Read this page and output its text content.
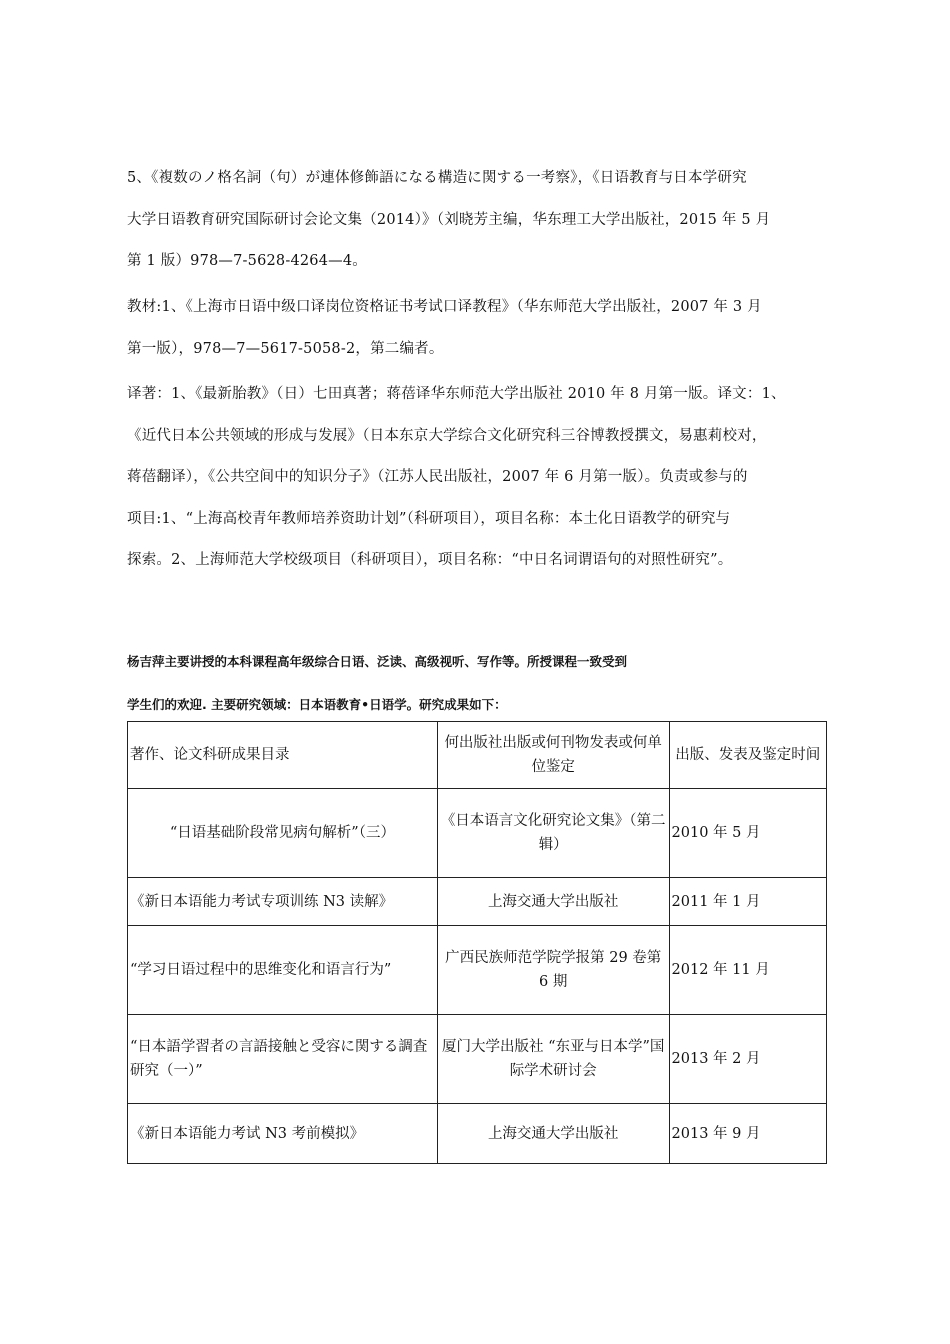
5、《複数のノ格名詞（句）が連体修飾語になる構造に関する一考察》，《日语教育与日本学研究
大学日语教育研究国际研讨会论文集（2014）》（刘晓芳主编，华东理工大学出版社，2015 年 5 月
第 1 版）978—7-5628-4264—4。
教材:1、《上海市日语中级口译岗位资格证书考试口译教程》（华东师范大学出版社，2007 年 3 月
第一版），978—7—5617-5058-2，第二编者。
译著：1、《最新胎教》（日）七田真著；蒋蓓译华东师范大学出版社 2010 年 8 月第一版。译文：1、
《近代日本公共领域的形成与发展》（日本东京大学综合文化研究科三谷博教授撰文，易惠莉校对，
蒋蓓翻译），《公共空间中的知识分子》（江苏人民出版社，2007 年 6 月第一版）。负责或参与的
项目:1、“上海高校青年教师培养资助计划”（科研项目），项目名称：本土化日语教学的研究与
探索。2、上海师范大学校级项目（科研项目），项目名称：“中日名词谓语句的对照性研究”。
杨吉萍主要讲授的本科课程高年级综合日语、泛读、高级视听、写作等。所授课程一致受到
学生们的欢迎. 主要研究领域：日本语教育•日语学。研究成果如下：
著作、论文科研成果目录	何出版社出版或何刊物发表或何单位鉴定	出版、发表及鉴定时间
“日语基础阶段常见病句解析”（三）	《日本语言文化研究论文集》（第二辑）	2010 年 5 月
《新日本语能力考试专项训练 N3 读解》	上海交通大学出版社	2011 年 1 月
“学习日语过程中的思维变化和语言行为”	广西民族师范学院学报第 29 卷第 6 期	2012 年 11 月
“日本語学習者の言語接触と受容に関する調査研究（一）”	厦门大学出版社 “东亚与日本学”国际学术研讨会	2013 年 2 月
《新日本语能力考试 N3 考前模拟》	上海交通大学出版社	2013 年 9 月
